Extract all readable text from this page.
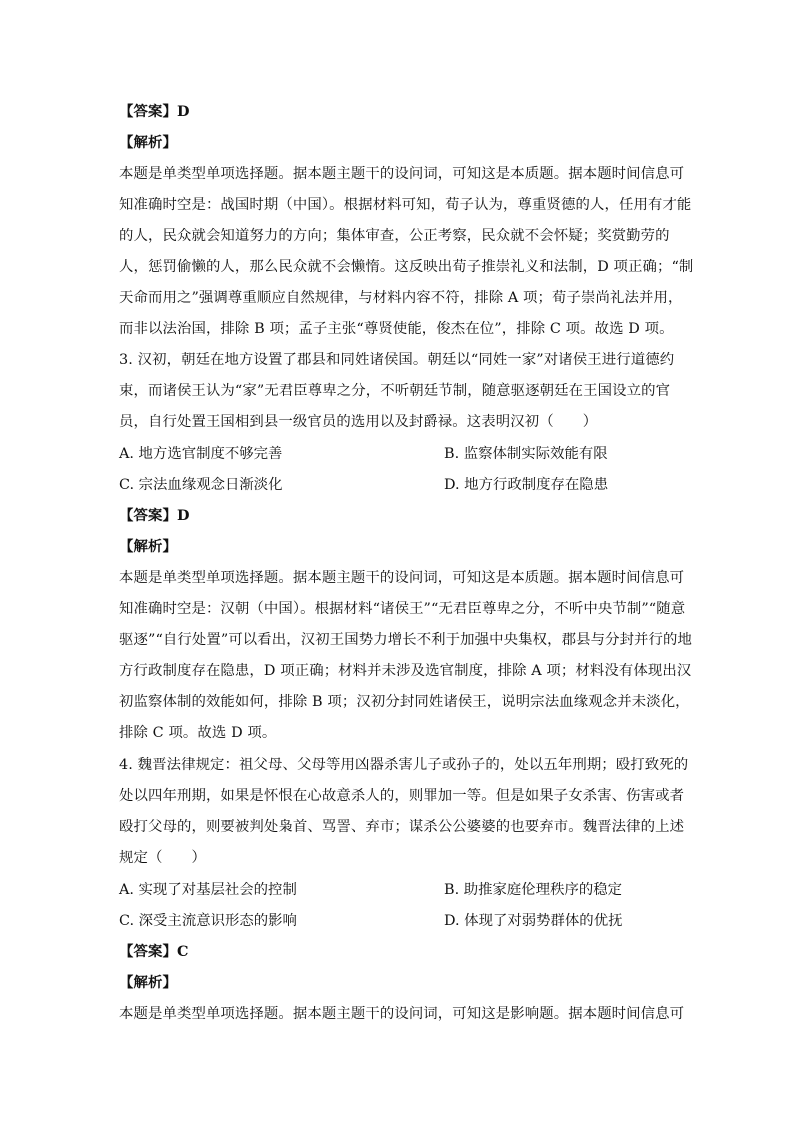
【答案】D
【解析】
本题是单类型单项选择题。据本题主题干的设问词，可知这是本质题。据本题时间信息可
知准确时空是：战国时期（中国）。根据材料可知，荀子认为，尊重贤德的人，任用有才能
的人，民众就会知道努力的方向；集体审查，公正考察，民众就不会怀疑；奖赏勤劳的
人，惩罚偷懒的人，那么民众就不会懒惰。这反映出荀子推崇礼义和法制，D 项正确；“制
天命而用之”强调尊重顺应自然规律，与材料内容不符，排除 A 项；荀子崇尚礼法并用，
而非以法治国，排除 B 项；孟子主张“尊贤使能，俊杰在位”，排除 C 项。故选 D 项。
3. 汉初，朝廷在地方设置了郡县和同姓诸侯国。朝廷以“同姓一家”对诸侯王进行道德约
束，而诸侯王认为“家”无君臣尊卑之分，不听朝廷节制，随意驱逐朝廷在王国设立的官
员，自行处置王国相到县一级官员的选用以及封爵禄。这表明汉初（　　）
A. 地方选官制度不够完善	B. 监察体制实际效能有限
C. 宗法血缘观念日渐淡化	D. 地方行政制度存在隐患
【答案】D
【解析】
本题是单类型单项选择题。据本题主题干的设问词，可知这是本质题。据本题时间信息可
知准确时空是：汉朝（中国）。根据材料“诸侯王”“无君臣尊卑之分，不听中央节制”“随意
驱逐”“自行处置”可以看出，汉初王国势力增长不利于加强中央集权，郡县与分封并行的地
方行政制度存在隐患，D 项正确；材料并未涉及选官制度，排除 A 项；材料没有体现出汉
初监察体制的效能如何，排除 B 项；汉初分封同姓诸侯王，说明宗法血缘观念并未淡化，
排除 C 项。故选 D 项。
4. 魏晋法律规定：祖父母、父母等用凶器杀害儿子或孙子的，处以五年刑期；殴打致死的
处以四年刑期，如果是怀恨在心故意杀人的，则罪加一等。但是如果子女杀害、伤害或者
殴打父母的，则要被判处枭首、骂詈、弃市；谋杀公公婆婆的也要弃市。魏晋法律的上述
规定（　　）
A. 实现了对基层社会的控制	B. 助推家庭伦理秩序的稳定
C. 深受主流意识形态的影响	D. 体现了对弱势群体的优抚
【答案】C
【解析】
本题是单类型单项选择题。据本题主题干的设问词，可知这是影响题。据本题时间信息可
